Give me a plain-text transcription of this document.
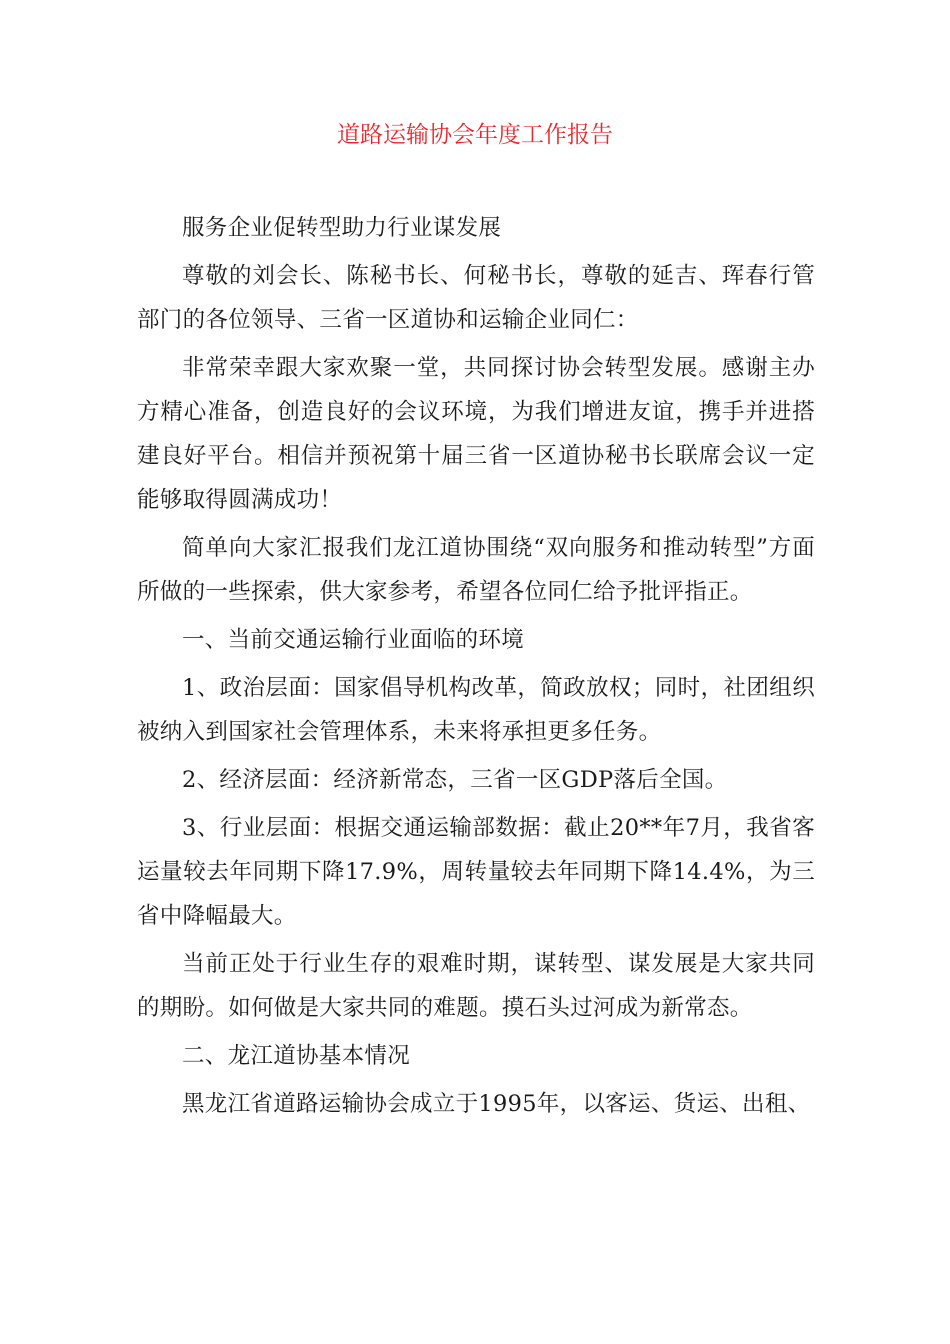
道路运输协会年度工作报告

服务企业促转型助力行业谋发展

尊敬的刘会长、陈秘书长、何秘书长，尊敬的延吉、珲春行管部门的各位领导、三省一区道协和运输企业同仁：

非常荣幸跟大家欢聚一堂，共同探讨协会转型发展。感谢主办方精心准备，创造良好的会议环境，为我们增进友谊，携手并进搭建良好平台。相信并预祝第十届三省一区道协秘书长联席会议一定能够取得圆满成功！

简单向大家汇报我们龙江道协围绕“双向服务和推动转型”方面所做的一些探索，供大家参考，希望各位同仁给予批评指正。

一、当前交通运输行业面临的环境

1、政治层面：国家倡导机构改革，简政放权；同时，社团组织被纳入到国家社会管理体系，未来将承担更多任务。

2、经济层面：经济新常态，三省一区GDP落后全国。

3、行业层面：根据交通运输部数据：截止20**年7月，我省客运量较去年同期下降17.9%，周转量较去年同期下降14.4%，为三省中降幅最大。

当前正处于行业生存的艰难时期，谋转型、谋发展是大家共同的期盼。如何做是大家共同的难题。摸石头过河成为新常态。

二、龙江道协基本情况

黑龙江省道路运输协会成立于1995年，以客运、货运、出租、
